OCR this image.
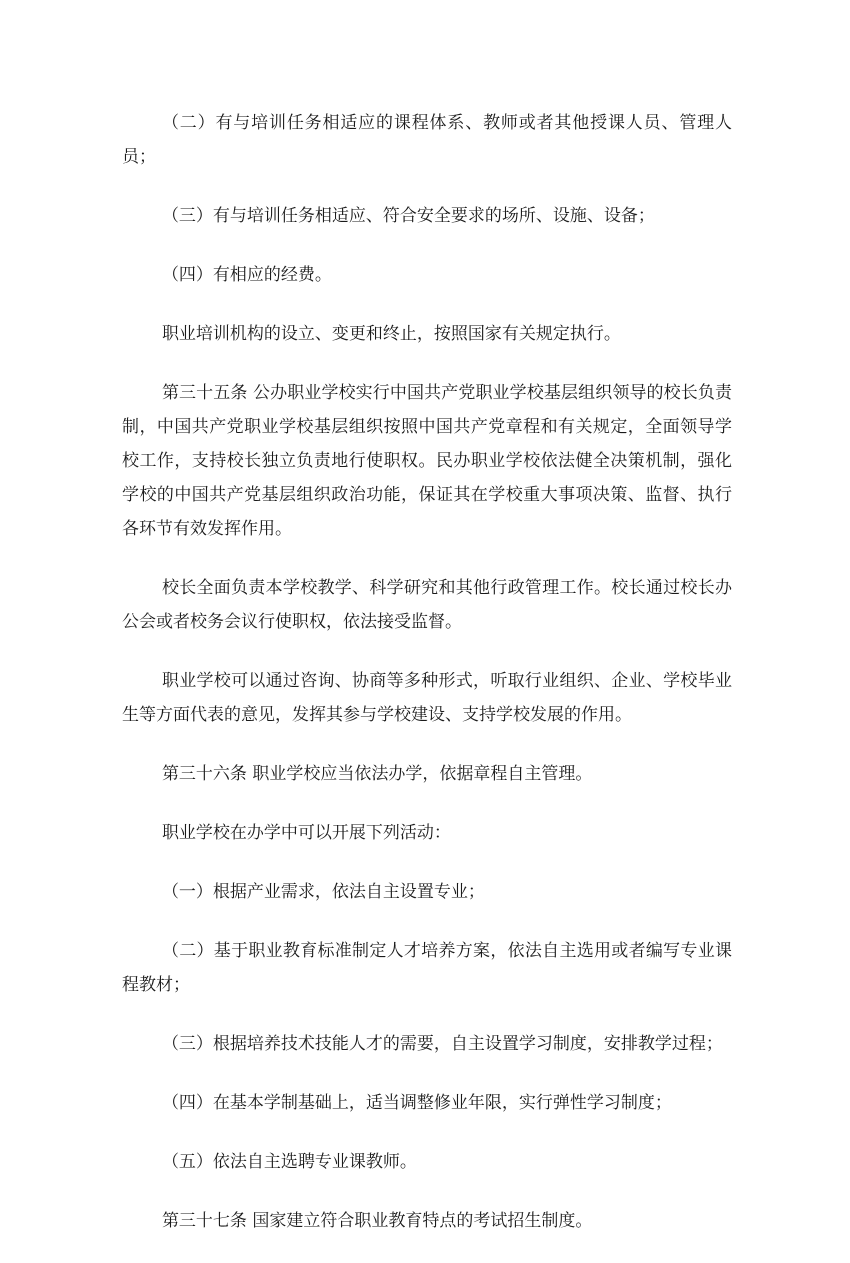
（二）有与培训任务相适应的课程体系、教师或者其他授课人员、管理人员；

（三）有与培训任务相适应、符合安全要求的场所、设施、设备；

（四）有相应的经费。

职业培训机构的设立、变更和终止，按照国家有关规定执行。

第三十五条 公办职业学校实行中国共产党职业学校基层组织领导的校长负责制，中国共产党职业学校基层组织按照中国共产党章程和有关规定，全面领导学校工作，支持校长独立负责地行使职权。民办职业学校依法健全决策机制，强化学校的中国共产党基层组织政治功能，保证其在学校重大事项决策、监督、执行各环节有效发挥作用。

校长全面负责本学校教学、科学研究和其他行政管理工作。校长通过校长办公会或者校务会议行使职权，依法接受监督。

职业学校可以通过咨询、协商等多种形式，听取行业组织、企业、学校毕业生等方面代表的意见，发挥其参与学校建设、支持学校发展的作用。

第三十六条 职业学校应当依法办学，依据章程自主管理。

职业学校在办学中可以开展下列活动：

（一）根据产业需求，依法自主设置专业；

（二）基于职业教育标准制定人才培养方案，依法自主选用或者编写专业课程教材；

（三）根据培养技术技能人才的需要，自主设置学习制度，安排教学过程；

（四）在基本学制基础上，适当调整修业年限，实行弹性学习制度；

（五）依法自主选聘专业课教师。

第三十七条 国家建立符合职业教育特点的考试招生制度。
